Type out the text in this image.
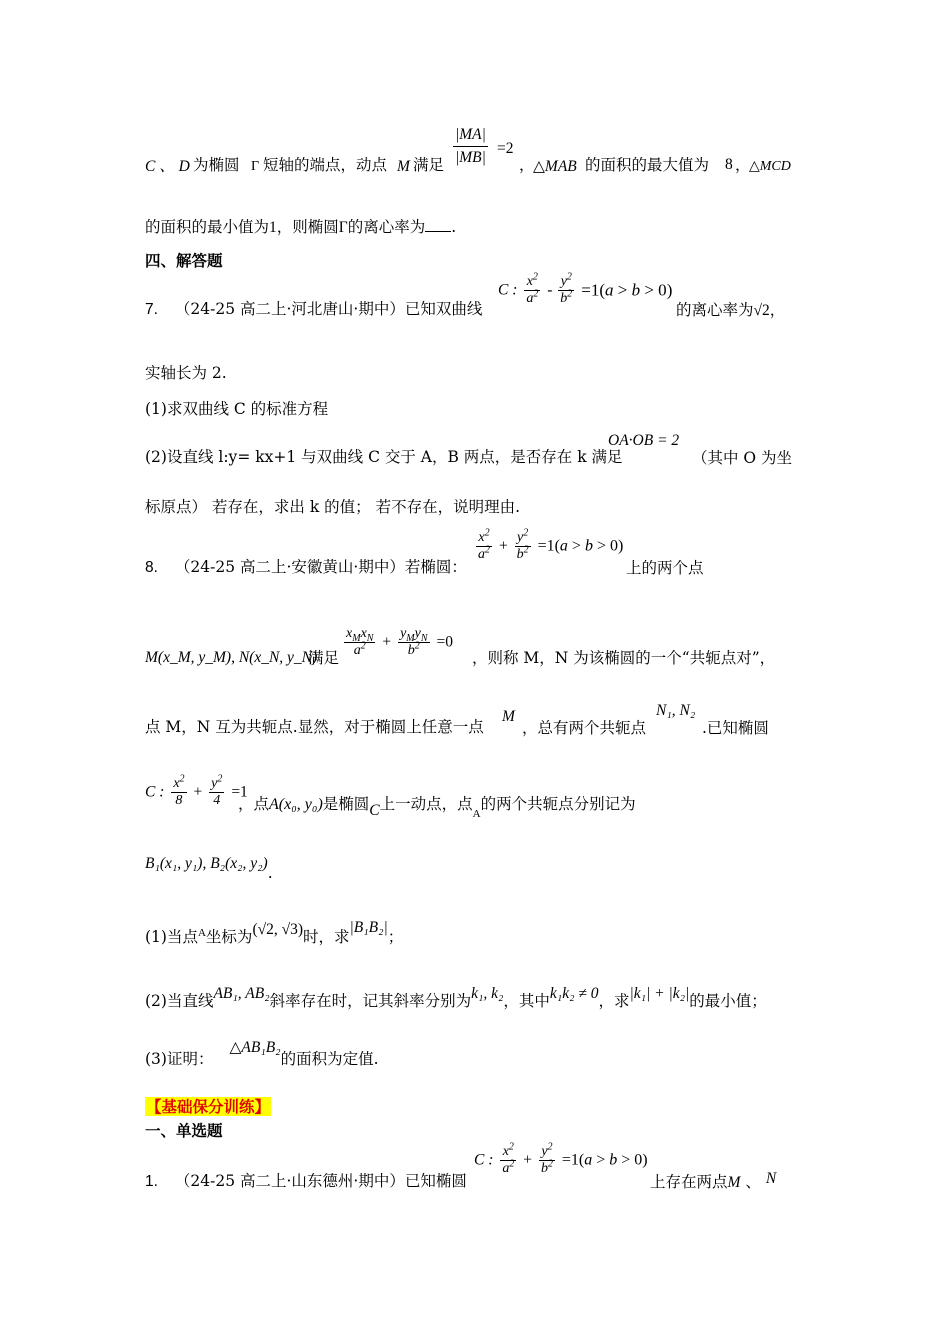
C 、 D 为椭圆 Γ 短轴的端点，动点 M 满足 $\frac{|MA|}{|MB|} =2$
，
△MAB 的面积的最大值为 8 ，
△MCD
的面积的最小值为1，则椭圆Γ的离心率为 .
四、解答题
7. （24-25 高二上·河北唐山·期中）已知双曲线
C : $\frac{x^2}{a^2} - \frac{y^2}{b^2} =1(a > b > 0)$
的离心率为√2，
实轴长为 2.
(1)求双曲线 C 的标准方程
(2)设直线 l:y= kx+1 与双曲线 C 交于 A，B 两点，是否存在 k 满足
OA·OB = 2
（其中 O 为坐
标原点） 若存在，求出 k 的值； 若不存在，说明理由.
8. （24-25 高二上·安徽黄山·期中）若椭圆：
$\frac{x^2}{a^2} + \frac{y^2}{b^2} =1(a > b > 0)$
上的两个点
M(x_M, y_M), N(x_N, y_N)
满足 $\frac{x_Mx_N}{a^2} + \frac{y_My_N}{b^2} =0$
，则称 M，N 为该椭圆的一个“共轭点对”，
点 M，N 互为共轭点.显然，对于椭圆上任意一点
M
，总有两个共轭点
N₁, N₂
.已知椭圆
C : $\frac{x^2}{8} + \frac{y^2}{4} =1$
，点A(x₀, y₀)是椭圆C上一动点，点$_A$的两个共轭点分别记为
B₁(x₁, y₁), B₂(x₂, y₂).
(1)当点$^A$坐标为(√2, √3)时，求|B₁B₂|；
(2)当直线AB₁, AB₂斜率存在时，记其斜率分别为k₁, k₂，其中k₁k₂ ≠ 0，求|k₁| + |k₂|的最小值；
(3)证明：△AB₁B₂的面积为定值.
【基础保分训练】
一、单选题
1. （24-25 高二上·山东德州·期中）已知椭圆
C : $\frac{x^2}{a^2} + \frac{y^2}{b^2} =1(a > b > 0)$
上存在两点M 、 N
